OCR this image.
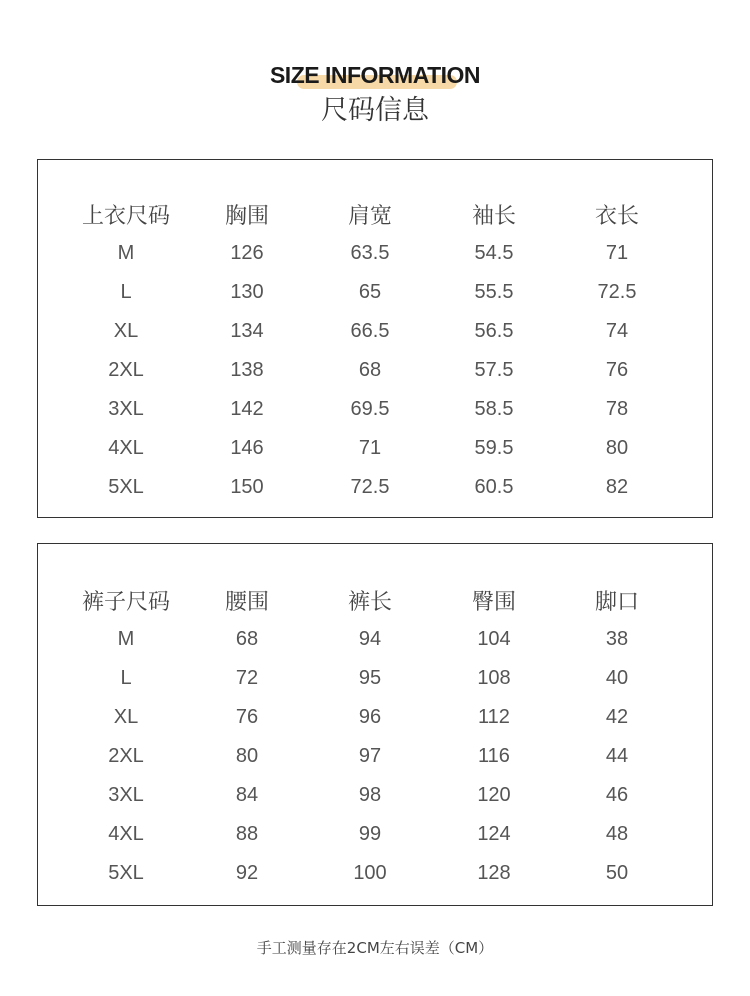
SIZE INFORMATION
尺码信息
	上衣尺码	胸围	肩宽	袖长	衣长	
	M	126	63.5	54.5	71	
	L	130	65	55.5	72.5	
	XL	134	66.5	56.5	74	
	2XL	138	68	57.5	76	
	3XL	142	69.5	58.5	78	
	4XL	146	71	59.5	80	
	5XL	150	72.5	60.5	82	
	裤子尺码	腰围	裤长	臀围	脚口	
	M	68	94	104	38	
	L	72	95	108	40	
	XL	76	96	112	42	
	2XL	80	97	116	44	
	3XL	84	98	120	46	
	4XL	88	99	124	48	
	5XL	92	100	128	50	
手工测量存在2CM左右误差（CM）
